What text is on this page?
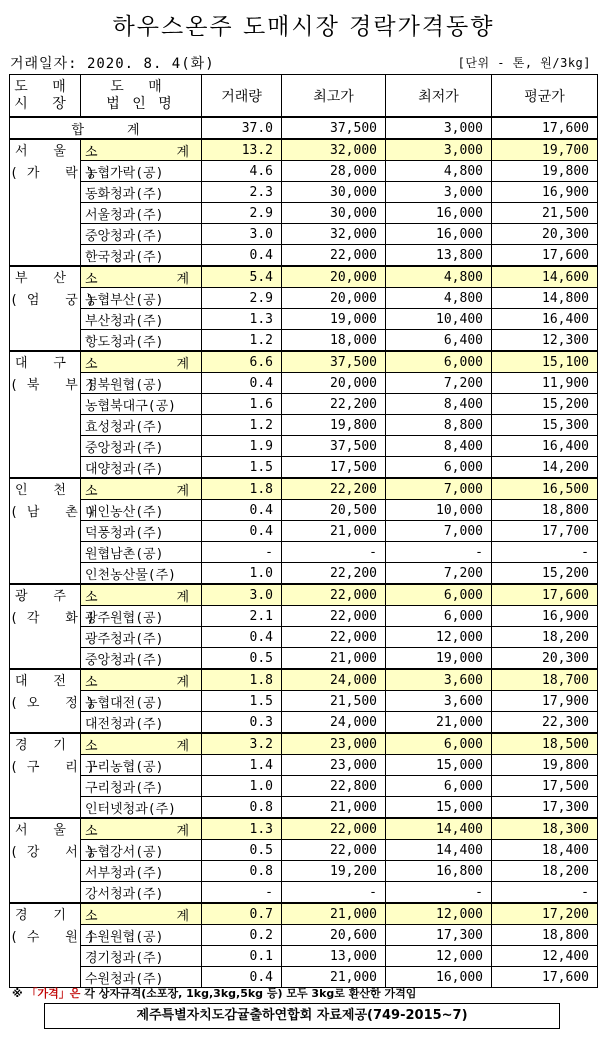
하우스온주 도매시장 경락가격동향
거래일자: 2020. 8. 4(화)	[단위 - 톤, 원/3kg]
도 매
시 장	도 매
법 인 명	거래량	최고가	최저가	평균가

합 계		37.0	37,500	3,000	17,600

서 울
(가 락)	소 계	13.2	32,000	3,000	19,700
	농협가락(공)	4.6	28,000	4,800	19,800
	동화청과(주)	2.3	30,000	3,000	16,900
	서울청과(주)	2.9	30,000	16,000	21,500
	중앙청과(주)	3.0	32,000	16,000	20,300
	한국청과(주)	0.4	22,000	13,800	17,600

부 산
(엄 궁)	소 계	5.4	20,000	4,800	14,600
	농협부산(공)	2.9	20,000	4,800	14,800
	부산청과(주)	1.3	19,000	10,400	16,400
	항도청과(주)	1.2	18,000	6,400	12,300

대 구
(북 부)	소 계	6.6	37,500	6,000	15,100
	경북원협(공)	0.4	20,000	7,200	11,900
	농협북대구(공)	1.6	22,200	8,400	15,200
	효성청과(주)	1.2	19,800	8,800	15,300
	중앙청과(주)	1.9	37,500	8,400	16,400
	대양청과(주)	1.5	17,500	6,000	14,200

인 천
(남 촌)	소 계	1.8	22,200	7,000	16,500
	대인농산(주)	0.4	20,500	10,000	18,800
	덕풍청과(주)	0.4	21,000	7,000	17,700
	원협남촌(공)	-	-	-	-
	인천농산물(주)	1.0	22,200	7,200	15,200

광 주
(각 화)	소 계	3.0	22,000	6,000	17,600
	광주원협(공)	2.1	22,000	6,000	16,900
	광주청과(주)	0.4	22,000	12,000	18,200
	중앙청과(주)	0.5	21,000	19,000	20,300

대 전
(오 정)	소 계	1.8	24,000	3,600	18,700
	농협대전(공)	1.5	21,500	3,600	17,900
	대전청과(주)	0.3	24,000	21,000	22,300

경 기
(구 리)	소 계	3.2	23,000	6,000	18,500
	구리농협(공)	1.4	23,000	15,000	19,800
	구리청과(주)	1.0	22,800	6,000	17,500
	인터넷청과(주)	0.8	21,000	15,000	17,300

서 울
(강 서)	소 계	1.3	22,000	14,400	18,300
	농협강서(공)	0.5	22,000	14,400	18,400
	서부청과(주)	0.8	19,200	16,800	18,200
	강서청과(주)	-	-	-	-

경 기
(수 원)	소 계	0.7	21,000	12,000	17,200
	수원원협(공)	0.2	20,600	17,300	18,800
	경기청과(주)	0.1	13,000	12,000	12,400
	수원청과(주)	0.4	21,000	16,000	17,600
※ 「가격」은 각 상자규격(소포장, 1kg,3kg,5kg 등) 모두 3kg로 환산한 가격임
제주특별자치도감귤출하연합회 자료제공(749-2015~7)
